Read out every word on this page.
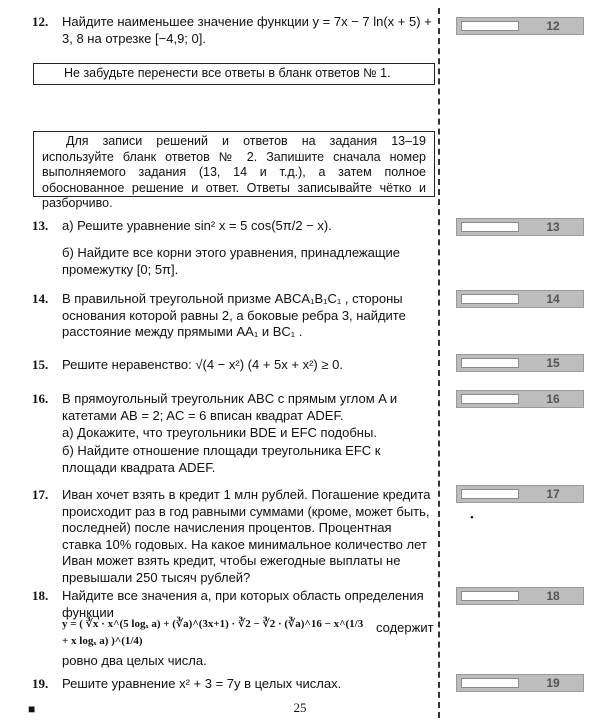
12. Найдите наименьшее значение функции y = 7x − 7 ln(x + 5) + 3, 8 на отрезке [−4,9; 0].
12
Не забудьте перенести все ответы в бланк ответов № 1.
Для записи решений и ответов на задания 13–19 используйте бланк ответов № 2. Запишите сначала номер выполняемого задания (13, 14 и т.д.), а затем полное обоснованное решение и ответ. Ответы записывайте чётко и разборчиво.
13. а) Решите уравнение sin² x = 5 cos(5π/2 − x).
б) Найдите все корни этого уравнения, принадлежащие промежутку [0; 5π].
13
14. В правильной треугольной призме ABCA₁B₁C₁ , стороны основания которой равны 2, а боковые ребра 3, найдите расстояние между прямыми AA₁ и BC₁ .
14
15. Решите неравенство: √(4 − x²) (4 + 5x + x²) ≥ 0.	15
16. В прямоугольный треугольник ABC с прямым углом A и катетами AB = 2; AC = 6 вписан квадрат ADEF.
а) Докажите, что треугольники BDE и EFC подобны.
б) Найдите отношение площади треугольника EFC к площади квадрата ADEF.
16
17. Иван хочет взять в кредит 1 млн рублей. Погашение кредита происходит раз в год равными суммами (кроме, может быть, последней) после начисления процентов. Процентная ставка 10% годовых. На какое минимальное количество лет Иван может взять кредит, чтобы ежегодные выплаты не превышали 250 тысяч рублей?
17
•
18. Найдите все значения a, при которых область определения функции
y = ( ∛x · x^(5 logₓ a) + (∛a)^(3x+1) · ∛2 − ∛2 · (∛a)^16 − x^(1/3 + x logₓ a) )^(1/4)
содержит
ровно два целых числа.
18
19. Решите уравнение x² + 3 = 7y в целых числах.	19
■	25
